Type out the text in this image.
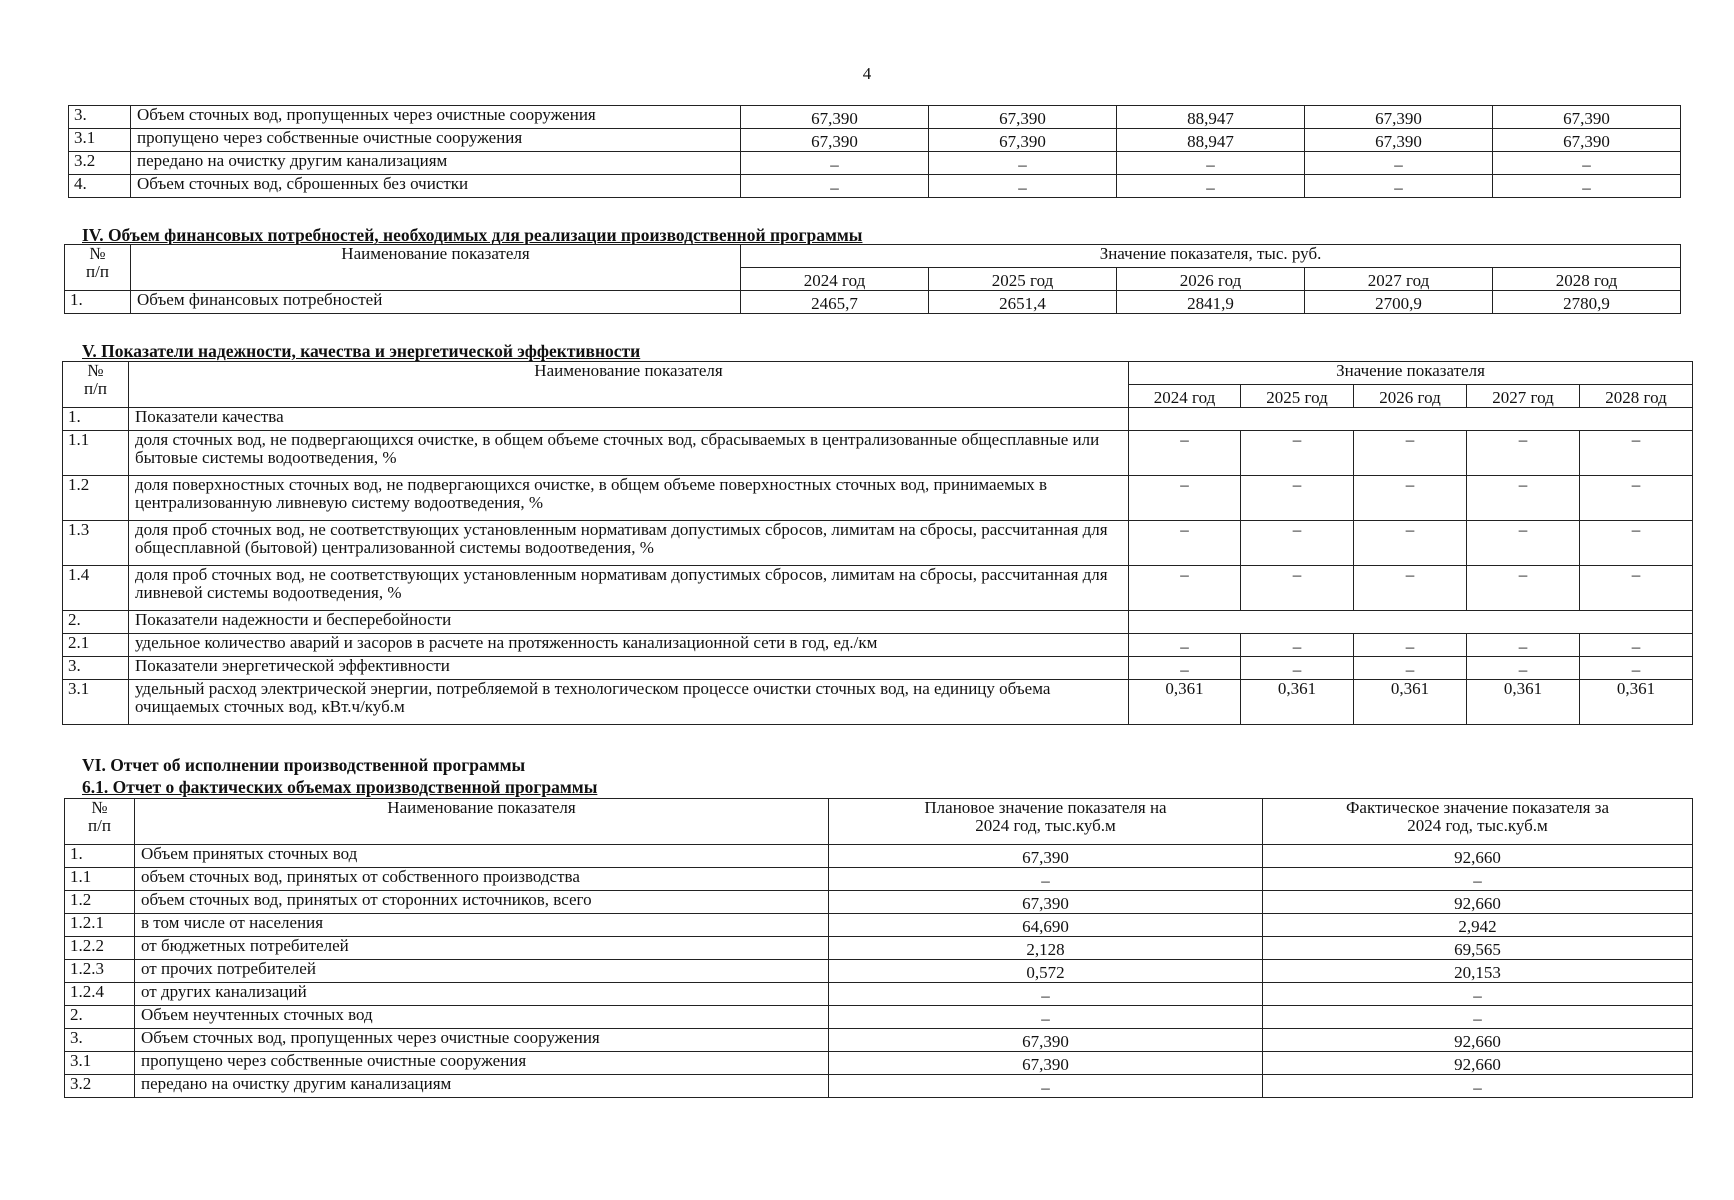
4
3.	Объем сточных вод, пропущенных через очистные сооружения	67,390	67,390	88,947	67,390	67,390
3.1	пропущено через собственные очистные сооружения	67,390	67,390	88,947	67,390	67,390
3.2	передано на очистку другим канализациям	–	–	–	–	–
4.	Объем сточных вод, сброшенных без очистки	–	–	–	–	–
IV. Объем финансовых потребностей, необходимых для реализации производственной программы
№
п/п	Наименование показателя	Значение показателя, тыс. руб.				
		2024 год	2025 год	2026 год	2027 год	2028 год
1.	Объем финансовых потребностей	2465,7	2651,4	2841,9	2700,9	2780,9
V. Показатели надежности, качества и энергетической эффективности
№
п/п	Наименование показателя	Значение показателя				
		2024 год	2025 год	2026 год	2027 год	2028 год
1.	Показатели качества					
1.1	доля сточных вод, не подвергающихся очистке, в общем объеме сточных вод, сбрасываемых в централизованные общесплавные или бытовые системы водоотведения, %	–	–	–	–	–
1.2	доля поверхностных сточных вод, не подвергающихся очистке, в общем объеме поверхностных сточных вод, принимаемых в централизованную ливневую систему водоотведения, %	–	–	–	–	–
1.3	доля проб сточных вод, не соответствующих установленным нормативам допустимых сбросов, лимитам на сбросы, рассчитанная для общесплавной (бытовой) централизованной системы водоотведения, %	–	–	–	–	–
1.4	доля проб сточных вод, не соответствующих установленным нормативам допустимых сбросов, лимитам на сбросы, рассчитанная для ливневой системы водоотведения, %	–	–	–	–	–
2.	Показатели надежности и бесперебойности					
2.1	удельное количество аварий и засоров в расчете на протяженность канализационной сети в год, ед./км	–	–	–	–	–
3.	Показатели энергетической эффективности	–	–	–	–	–
3.1	удельный расход электрической энергии, потребляемой в технологическом процессе очистки сточных вод, на единицу объема очищаемых сточных вод, кВт.ч/куб.м	0,361	0,361	0,361	0,361	0,361
VI. Отчет об исполнении производственной программы
6.1. Отчет о фактических объемах производственной программы
№
п/п	Наименование показателя	Плановое значение показателя на 2024 год, тыс.куб.м	Фактическое значение показателя за 2024 год, тыс.куб.м
1.	Объем принятых сточных вод	67,390	92,660
1.1	объем сточных вод, принятых от собственного производства	–	–
1.2	объем сточных вод, принятых от сторонних источников, всего	67,390	92,660
1.2.1	в том числе от населения	64,690	2,942
1.2.2	от бюджетных потребителей	2,128	69,565
1.2.3	от прочих потребителей	0,572	20,153
1.2.4	от других канализаций	–	–
2.	Объем неучтенных сточных вод	–	–
3.	Объем сточных вод, пропущенных через очистные сооружения	67,390	92,660
3.1	пропущено через собственные очистные сооружения	67,390	92,660
3.2	передано на очистку другим канализациям	–	–
